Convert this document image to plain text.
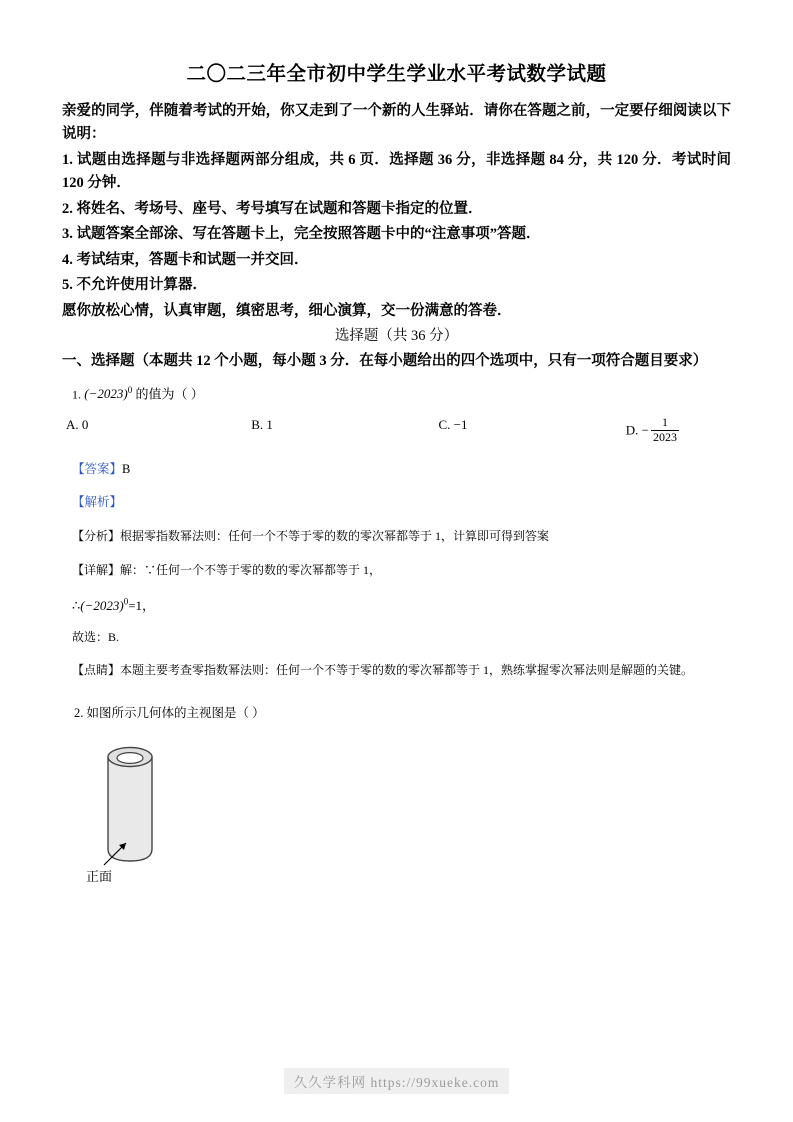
二〇二三年全市初中学生学业水平考试数学试题
亲爱的同学，伴随着考试的开始，你又走到了一个新的人生驿站．请你在答题之前，一定要仔细阅读以下说明：
1. 试题由选择题与非选择题两部分组成，共 6 页．选择题 36 分，非选择题 84 分，共 120 分．考试时间 120 分钟．
2. 将姓名、考场号、座号、考号填写在试题和答题卡指定的位置．
3. 试题答案全部涂、写在答题卡上，完全按照答题卡中的“注意事项”答题．
4. 考试结束，答题卡和试题一并交回．
5. 不允许使用计算器．
愿你放松心情，认真审题，缜密思考，细心演算，交一份满意的答卷．
选择题（共 36 分）
一、选择题（本题共 12 个小题，每小题 3 分．在每小题给出的四个选项中，只有一项符合题目要求）
1. $(-2023)^0$ 的值为（ ）
A. 0	B. 1	C. −1	D. − $\frac{1}{2023}$
【答案】B
【解析】
【分析】根据零指数幂法则：任何一个不等于零的数的零次幂都等于 1，计算即可得到答案
【详解】解：∵任何一个不等于零的数的零次幂都等于 1，
$\therefore(-2023)^0=1$，
故选：B.
【点睛】本题主要考查零指数幂法则：任何一个不等于零的数的零次幂都等于 1，熟练掌握零次幂法则是解题的关键。
2. 如图所示几何体的主视图是（ ）
正面
久久学科网 https://99xueke.com
